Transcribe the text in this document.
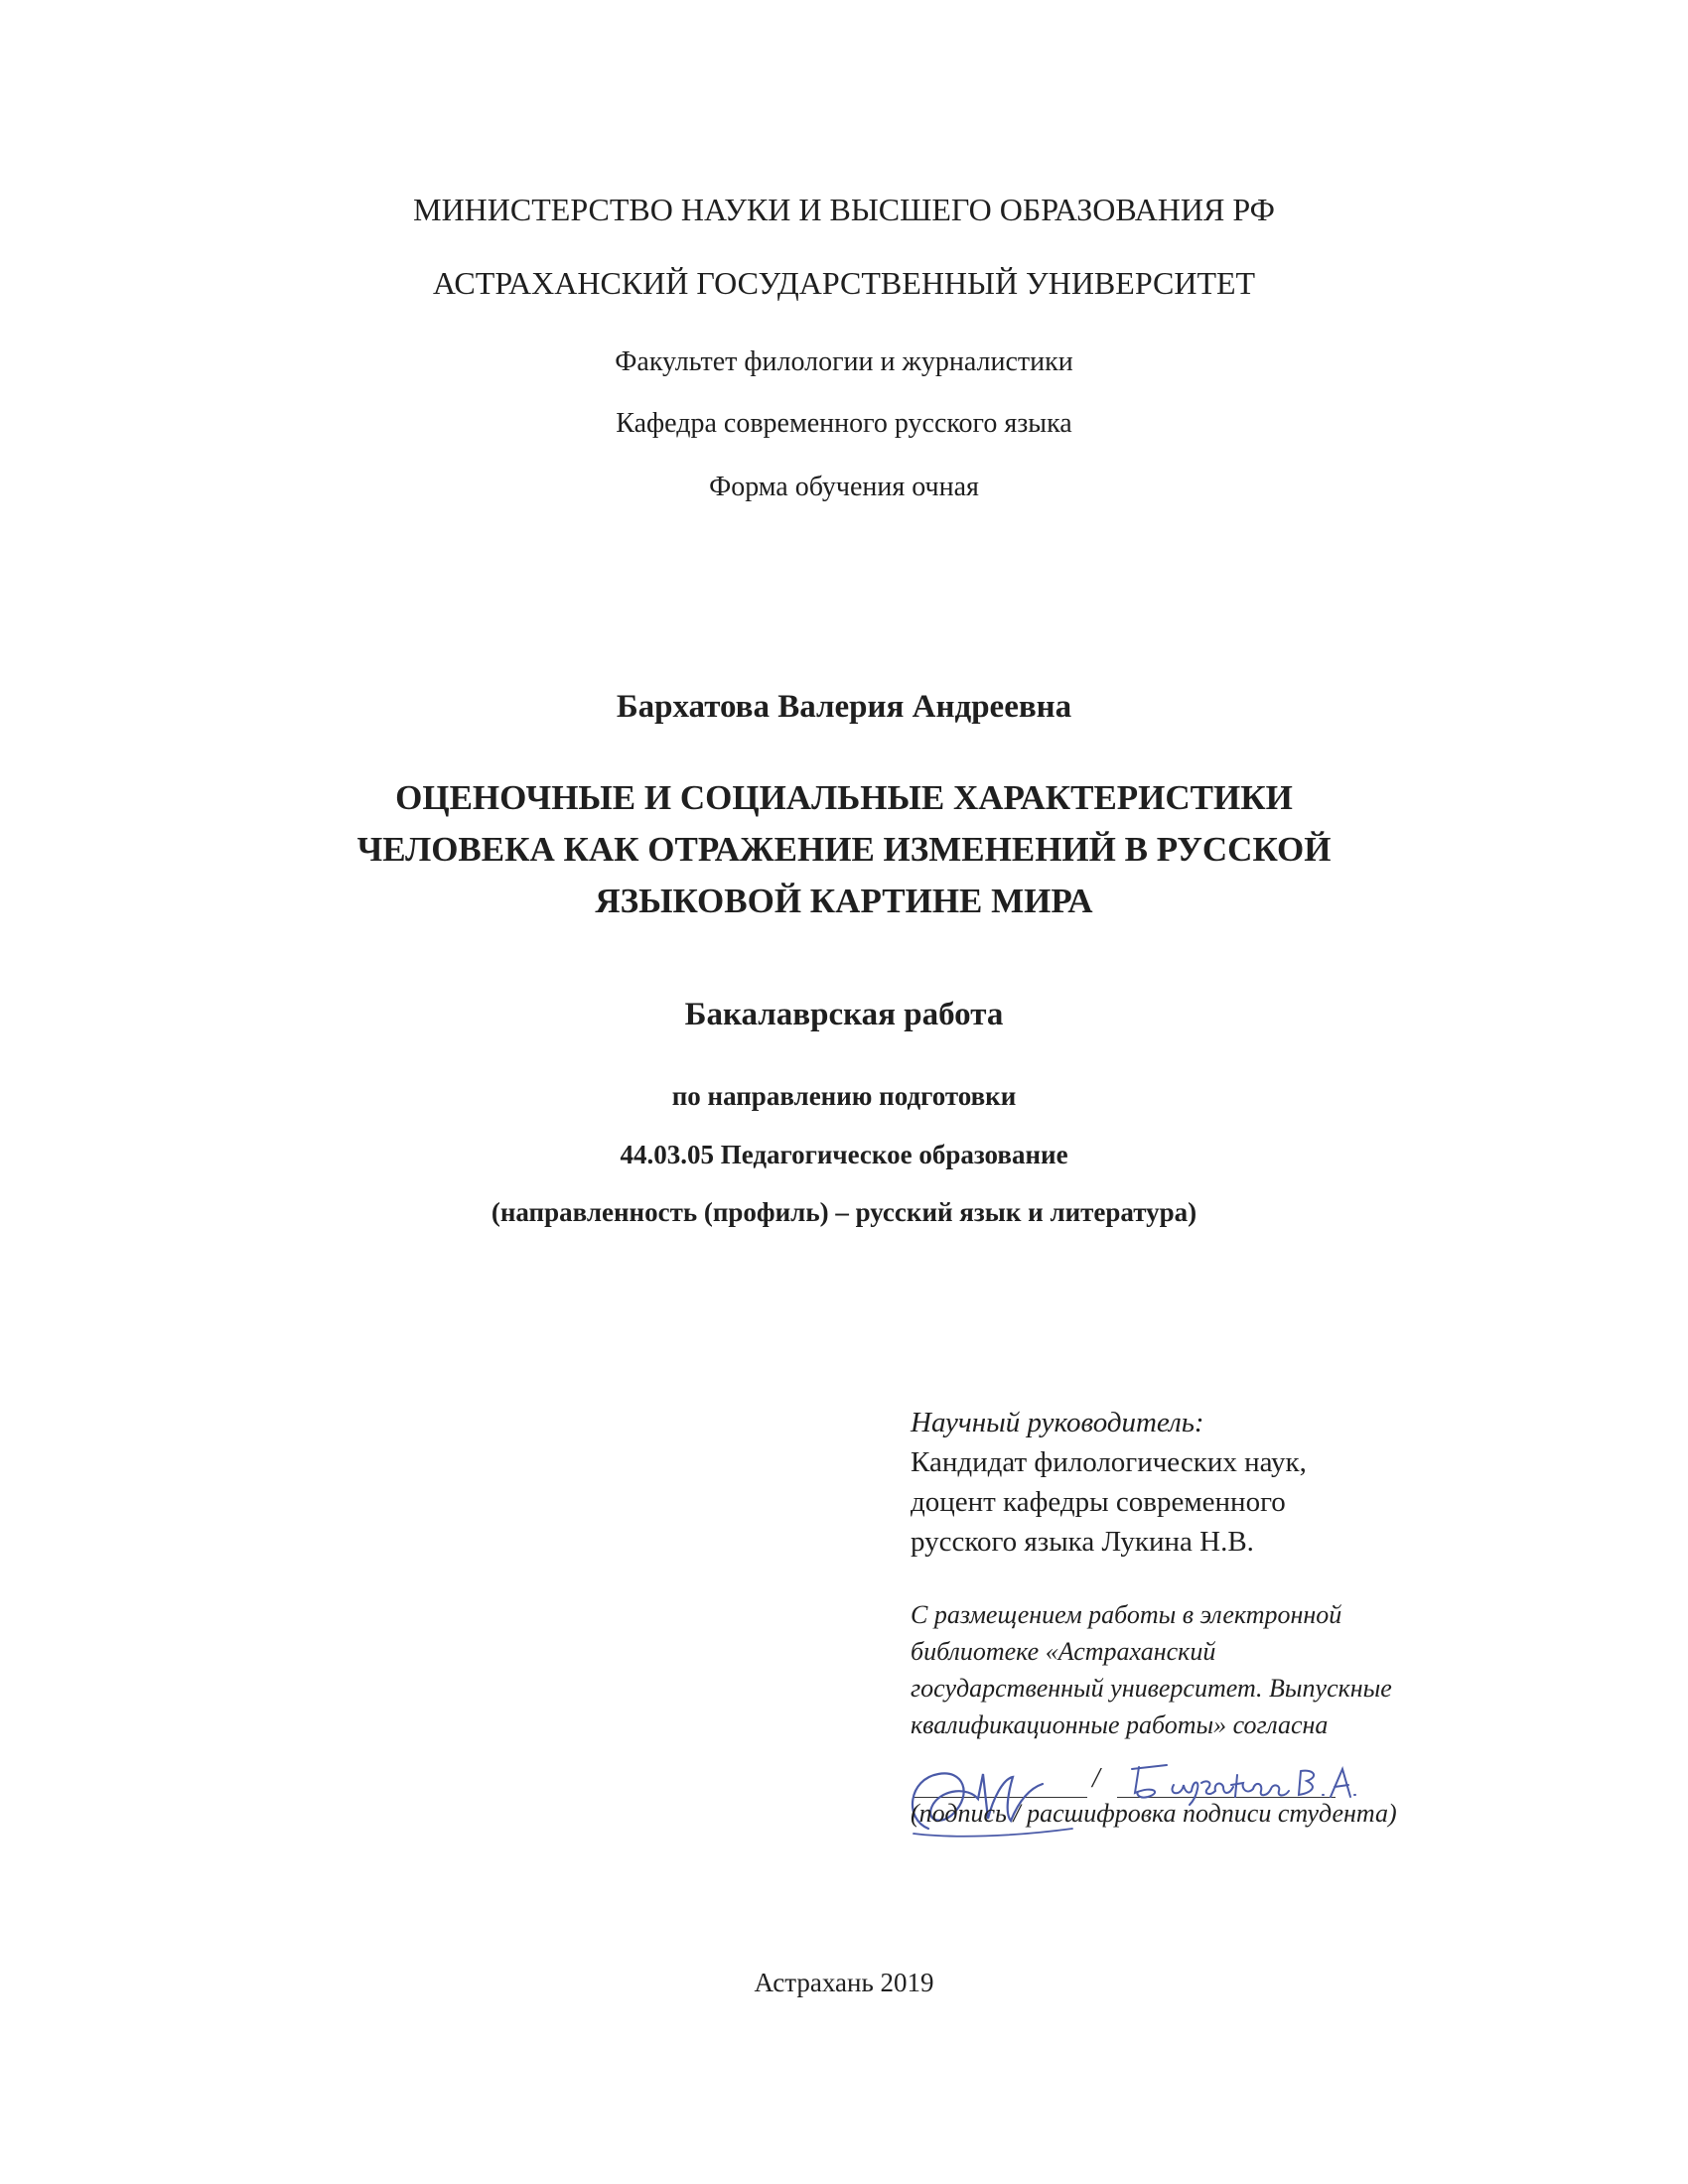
МИНИСТЕРСТВО НАУКИ И ВЫСШЕГО ОБРАЗОВАНИЯ РФ
АСТРАХАНСКИЙ ГОСУДАРСТВЕННЫЙ УНИВЕРСИТЕТ
Факультет филологии и журналистики
Кафедра современного русского языка
Форма обучения очная
Бархатова Валерия Андреевна
ОЦЕНОЧНЫЕ И СОЦИАЛЬНЫЕ ХАРАКТЕРИСТИКИ
ЧЕЛОВЕКА КАК ОТРАЖЕНИЕ ИЗМЕНЕНИЙ В РУССКОЙ
ЯЗЫКОВОЙ КАРТИНЕ МИРА
Бакалаврская работа
по направлению подготовки
44.03.05 Педагогическое образование
(направленность (профиль) – русский язык и литература)
Научный руководитель:
Кандидат филологических наук,
доцент кафедры современного
русского языка Лукина Н.В.
С размещением работы в электронной
библиотеке «Астраханский
государственный университет. Выпускные
квалификационные работы» согласна
/
(подпись / расшифровка подписи студента)
Астрахань 2019
